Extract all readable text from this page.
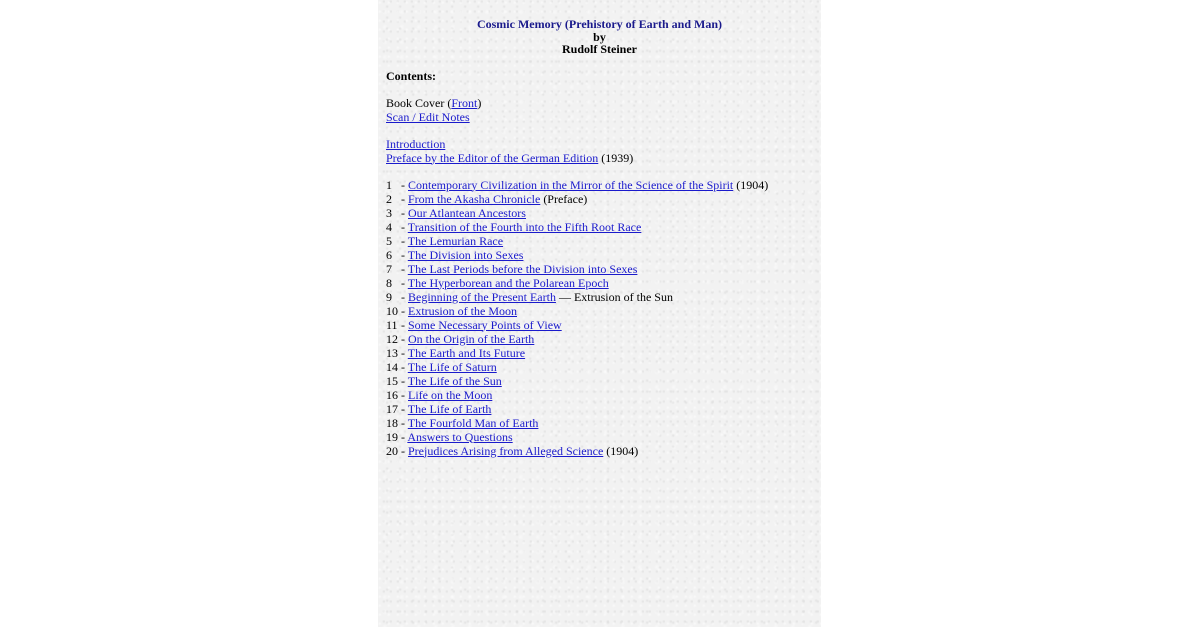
Cosmic Memory (Prehistory of Earth and Man)
by
Rudolf Steiner
Contents:
Book Cover (Front)
Scan / Edit Notes
Introduction
Preface by the Editor of the German Edition (1939)
1 - Contemporary Civilization in the Mirror of the Science of the Spirit (1904)
2 - From the Akasha Chronicle (Preface)
3 - Our Atlantean Ancestors
4 - Transition of the Fourth into the Fifth Root Race
5 - The Lemurian Race
6 - The Division into Sexes
7 - The Last Periods before the Division into Sexes
8 - The Hyperborean and the Polarean Epoch
9 - Beginning of the Present Earth — Extrusion of the Sun
10 - Extrusion of the Moon
11 - Some Necessary Points of View
12 - On the Origin of the Earth
13 - The Earth and Its Future
14 - The Life of Saturn
15 - The Life of the Sun
16 - Life on the Moon
17 - The Life of Earth
18 - The Fourfold Man of Earth
19 - Answers to Questions
20 - Prejudices Arising from Alleged Science (1904)
